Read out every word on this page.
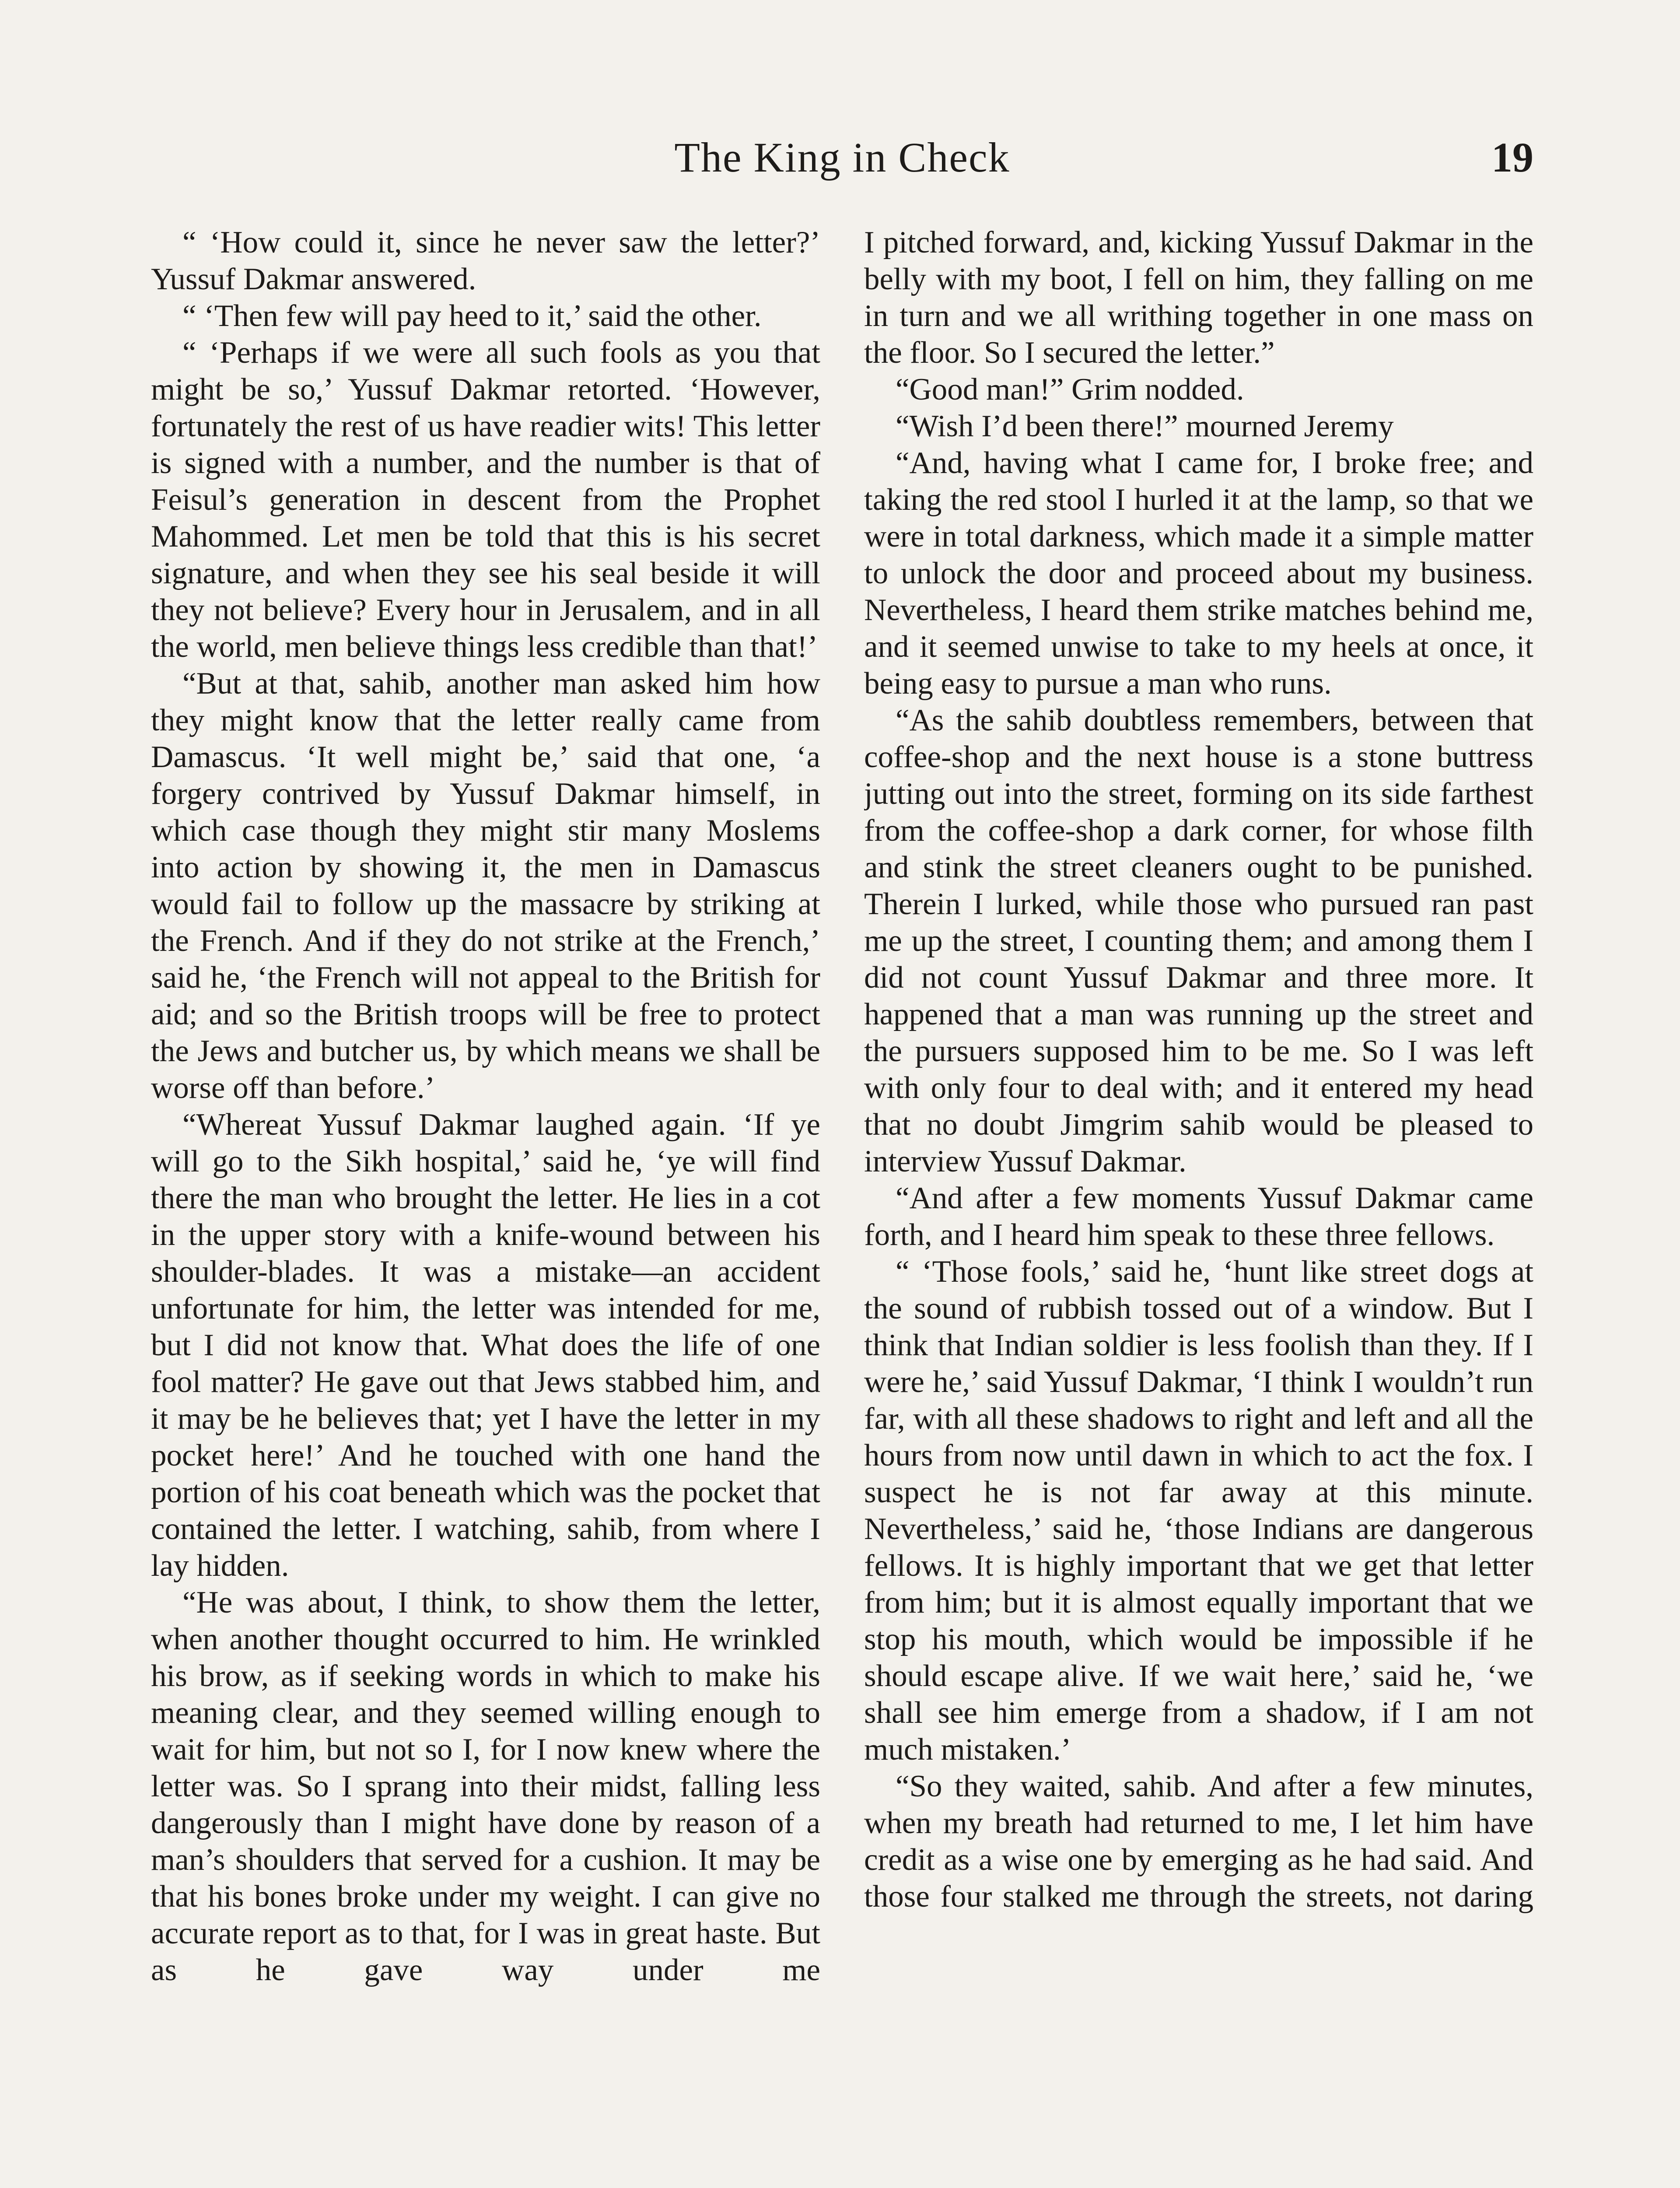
The King in Check	19

“ ‘How could it, since he never saw the letter?’ Yussuf Dakmar answered.

“ ‘Then few will pay heed to it,’ said the other.

“ ‘Perhaps if we were all such fools as you that might be so,’ Yussuf Dakmar retorted. ‘However, fortunately the rest of us have readier wits! This letter is signed with a number, and the number is that of Feisul’s generation in descent from the Prophet Mahommed. Let men be told that this is his secret signature, and when they see his seal beside it will they not believe? Every hour in Jerusalem, and in all the world, men believe things less credible than that!’

“But at that, sahib, another man asked him how they might know that the letter really came from Damascus. ‘It well might be,’ said that one, ‘a forgery contrived by Yussuf Dakmar himself, in which case though they might stir many Moslems into action by showing it, the men in Damascus would fail to follow up the massacre by striking at the French. And if they do not strike at the French,’ said he, ‘the French will not appeal to the British for aid; and so the British troops will be free to protect the Jews and butcher us, by which means we shall be worse off than before.’

“Whereat Yussuf Dakmar laughed again. ‘If ye will go to the Sikh hospital,’ said he, ‘ye will find there the man who brought the letter. He lies in a cot in the upper story with a knife-wound between his shoulder-blades. It was a mistake—an accident unfortunate for him, the letter was intended for me, but I did not know that. What does the life of one fool matter? He gave out that Jews stabbed him, and it may be he believes that; yet I have the letter in my pocket here!’ And he touched with one hand the portion of his coat beneath which was the pocket that contained the letter. I watching, sahib, from where I lay hidden.

“He was about, I think, to show them the letter, when another thought occurred to him. He wrinkled his brow, as if seeking words in which to make his meaning clear, and they seemed willing enough to wait for him, but not so I, for I now knew where the letter was. So I sprang into their midst, falling less dangerously than I might have done by reason of a man’s shoulders that served for a cushion. It may be that his bones broke under my weight. I can give no accurate report as to that, for I was in great haste. But as he gave way under me

I pitched forward, and, kicking Yussuf Dakmar in the belly with my boot, I fell on him, they falling on me in turn and we all writhing together in one mass on the floor. So I secured the letter.”

“Good man!” Grim nodded.

“Wish I’d been there!” mourned Jeremy

“And, having what I came for, I broke free; and taking the red stool I hurled it at the lamp, so that we were in total darkness, which made it a simple matter to unlock the door and proceed about my business. Nevertheless, I heard them strike matches behind me, and it seemed unwise to take to my heels at once, it being easy to pursue a man who runs.

“As the sahib doubtless remembers, between that coffee-shop and the next house is a stone buttress jutting out into the street, forming on its side farthest from the coffee-shop a dark corner, for whose filth and stink the street cleaners ought to be punished. Therein I lurked, while those who pursued ran past me up the street, I counting them; and among them I did not count Yussuf Dakmar and three more. It happened that a man was running up the street and the pursuers supposed him to be me. So I was left with only four to deal with; and it entered my head that no doubt Jimgrim sahib would be pleased to interview Yussuf Dakmar.

“And after a few moments Yussuf Dakmar came forth, and I heard him speak to these three fellows.

“ ‘Those fools,’ said he, ‘hunt like street dogs at the sound of rubbish tossed out of a window. But I think that Indian soldier is less foolish than they. If I were he,’ said Yussuf Dakmar, ‘I think I wouldn’t run far, with all these shadows to right and left and all the hours from now until dawn in which to act the fox. I suspect he is not far away at this minute. Nevertheless,’ said he, ‘those Indians are dangerous fellows. It is highly important that we get that letter from him; but it is almost equally important that we stop his mouth, which would be impossible if he should escape alive. If we wait here,’ said he, ‘we shall see him emerge from a shadow, if I am not much mistaken.’

“So they waited, sahib. And after a few minutes, when my breath had returned to me, I let him have credit as a wise one by emerging as he had said. And those four stalked me through the streets, not daring
